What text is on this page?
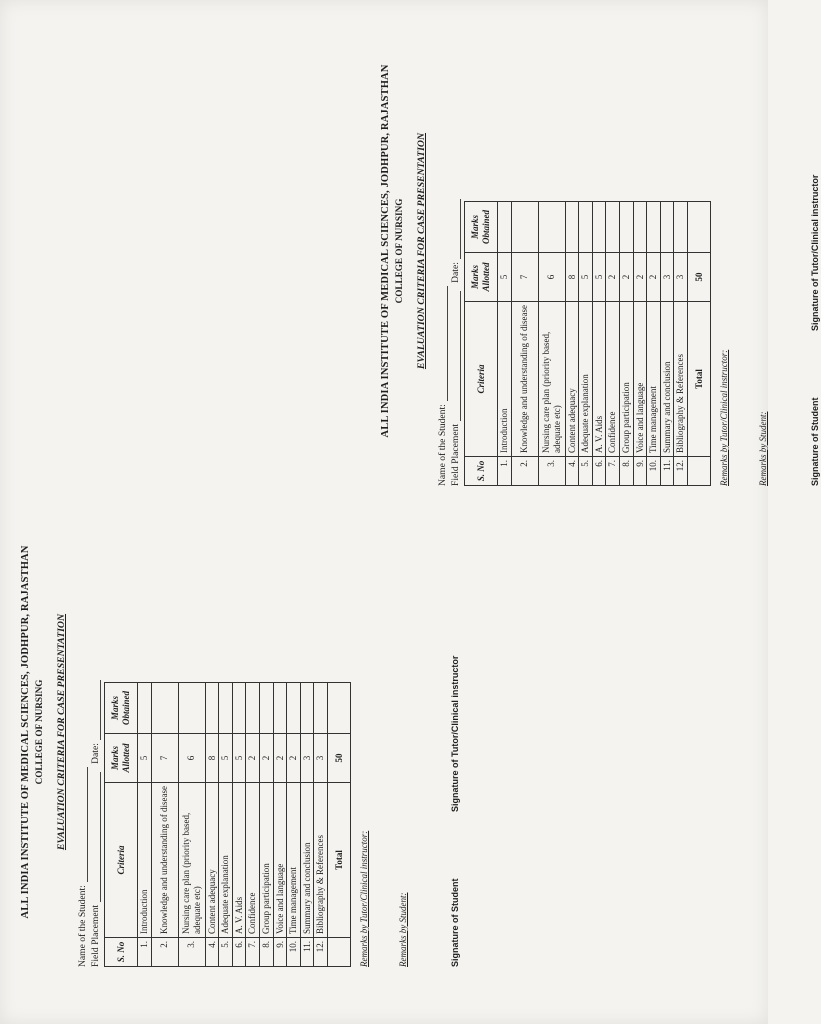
ALL INDIA INSTITUTE OF MEDICAL SCIENCES, JODHPUR, RAJASTHAN COLLEGE OF NURSING EVALUATION CRITERIA FOR CASE PRESENTATION
Name of the Student: Field Placement
Date:
S. No	Criteria	Marks Allotted	Marks Obtained
1.	Introduction	5	
2.	Knowledge and understanding of disease	7	
3.	Nursing care plan (priority based, adequate etc)	6	
4.	Content adequacy	8	
5.	Adequate explanation	5	
6.	A. V. Aids	5	
7.	Confidence	2	
8.	Group participation	2	
9.	Voice and language	2	
10.	Time management	2	
11.	Summary and conclusion	3	
12.	Bibliography & References	3	
	Total	50	
Remarks by Tutor/Clinical instructor:	Remarks by Student:	Signature of Student
Signature of Tutor/Clinical instructor
ALL INDIA INSTITUTE OF MEDICAL SCIENCES, JODHPUR, RAJASTHAN COLLEGE OF NURSING EVALUATION CRITERIA FOR CASE PRESENTATION
Name of the Student: Field Placement
Date:
S. No	Criteria	Marks Allotted	Marks Obtained
1.	Introduction	5	
2.	Knowledge and understanding of disease	7	
3.	Nursing care plan (priority based, adequate etc)	6	
4.	Content adequacy	8	
5.	Adequate explanation	5	
6.	A. V. Aids	5	
7.	Confidence	2	
8.	Group participation	2	
9.	Voice and language	2	
10.	Time management	2	
11.	Summary and conclusion	3	
12.	Bibliography & References	3	
	Total	50	
Remarks by Tutor/Clinical instructor:	Remarks by Student:	Signature of Student
Signature of Tutor/Clinical instructor
